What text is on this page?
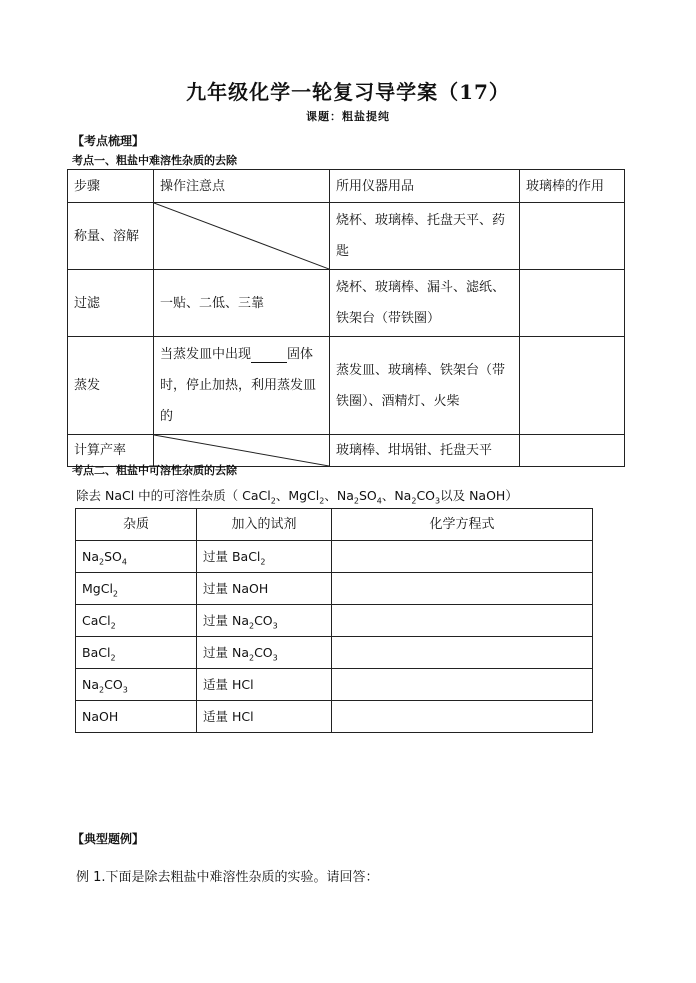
九年级化学一轮复习导学案（17）
课题：粗盐提纯
【考点梳理】
考点一、粗盐中难溶性杂质的去除
步骤	操作注意点	所用仪器用品	玻璃棒的作用
称量、溶解		烧杯、玻璃棒、托盘天平、药匙	
过滤	一贴、二低、三靠	烧杯、玻璃棒、漏斗、滤纸、铁架台（带铁圈）	
蒸发	当蒸发皿中出现 固体时，停止加热，利用蒸发皿的	蒸发皿、玻璃棒、铁架台（带铁圈）、酒精灯、火柴	
计算产率		玻璃棒、坩埚钳、托盘天平	
考点二、粗盐中可溶性杂质的去除
除去 NaCl 中的可溶性杂质（ CaCl$_2$、MgCl$_2$、$Na_2SO_4$、$Na_2CO_3$以及 NaOH）
杂质	加入的试剂	化学方程式
$Na_2SO_4$	过量 BaCl$_2$	
MgCl$_2$	过量 NaOH	
CaCl$_2$	过量 $Na_2CO_3$	
BaCl$_2$	过量 $Na_2CO_3$	
$Na_2CO_3$	适量 HCl	
NaOH	适量 HCl	
【典型题例】
例 1.下面是除去粗盐中难溶性杂质的实验。请回答：
